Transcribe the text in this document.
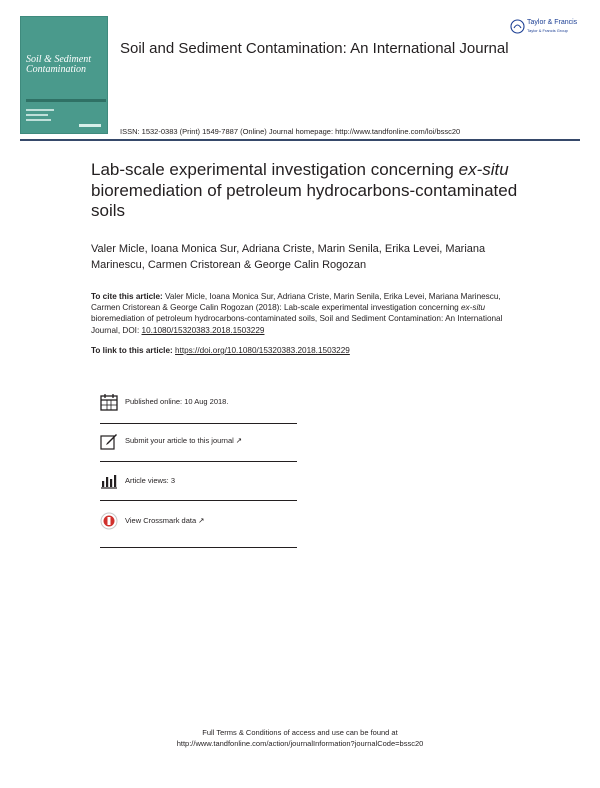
Soil & Sediment
Contamination
Soil and Sediment Contamination: An International Journal
Taylor & Francis
Taylor & Francis Group
ISSN: 1532-0383 (Print) 1549-7887 (Online) Journal homepage: http://www.tandfonline.com/loi/bssc20
Lab-scale experimental investigation concerning ex-situ bioremediation of petroleum hydrocarbons-contaminated soils
Valer Micle, Ioana Monica Sur, Adriana Criste, Marin Senila, Erika Levei, Mariana Marinescu, Carmen Cristorean & George Calin Rogozan
To cite this article: Valer Micle, Ioana Monica Sur, Adriana Criste, Marin Senila, Erika Levei, Mariana Marinescu, Carmen Cristorean & George Calin Rogozan (2018): Lab-scale experimental investigation concerning ex-situ bioremediation of petroleum hydrocarbons-contaminated soils, Soil and Sediment Contamination: An International Journal, DOI: 10.1080/15320383.2018.1503229
To link to this article: https://doi.org/10.1080/15320383.2018.1503229
Published online: 10 Aug 2018.
Submit your article to this journal ↗
Article views: 3
View Crossmark data ↗
Full Terms & Conditions of access and use can be found at
http://www.tandfonline.com/action/journalInformation?journalCode=bssc20
